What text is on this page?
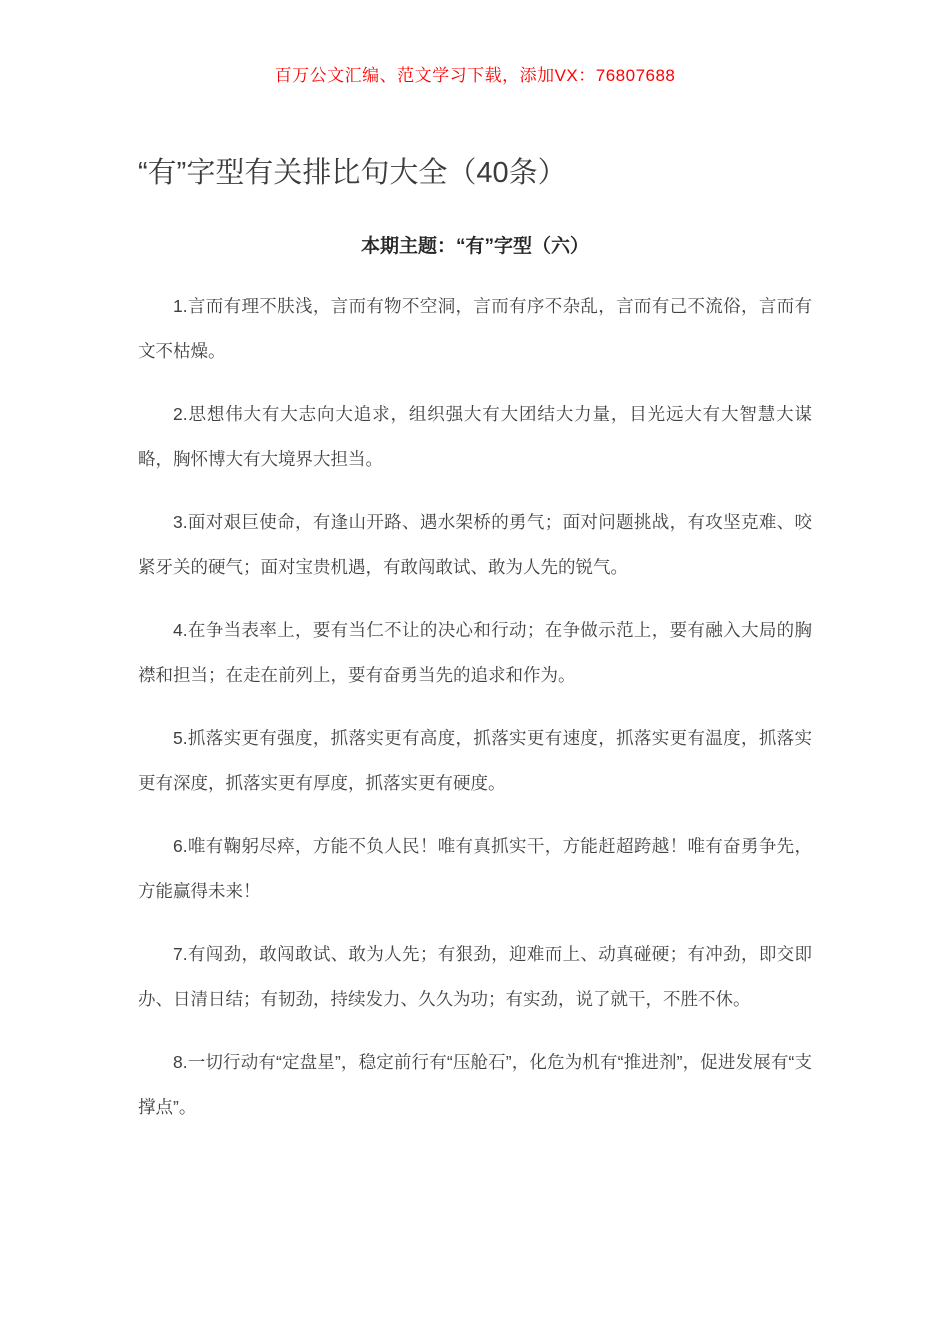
百万公文汇编、范文学习下载，添加VX：76807688
“有”字型有关排比句大全（40条）
本期主题：“有”字型（六）

1.言而有理不肤浅，言而有物不空洞，言而有序不杂乱，言而有己不流俗，言而有文不枯燥。

2.思想伟大有大志向大追求，组织强大有大团结大力量，目光远大有大智慧大谋略，胸怀博大有大境界大担当。

3.面对艰巨使命，有逢山开路、遇水架桥的勇气；面对问题挑战，有攻坚克难、咬紧牙关的硬气；面对宝贵机遇，有敢闯敢试、敢为人先的锐气。

4.在争当表率上，要有当仁不让的决心和行动；在争做示范上，要有融入大局的胸襟和担当；在走在前列上，要有奋勇当先的追求和作为。

5.抓落实更有强度，抓落实更有高度，抓落实更有速度，抓落实更有温度，抓落实更有深度，抓落实更有厚度，抓落实更有硬度。

6.唯有鞠躬尽瘁，方能不负人民！唯有真抓实干，方能赶超跨越！唯有奋勇争先，方能赢得未来！

7.有闯劲，敢闯敢试、敢为人先；有狠劲，迎难而上、动真碰硬；有冲劲，即交即办、日清日结；有韧劲，持续发力、久久为功；有实劲，说了就干，不胜不休。

8.一切行动有“定盘星”，稳定前行有“压舱石”，化危为机有“推进剂”，促进发展有“支撑点”。
